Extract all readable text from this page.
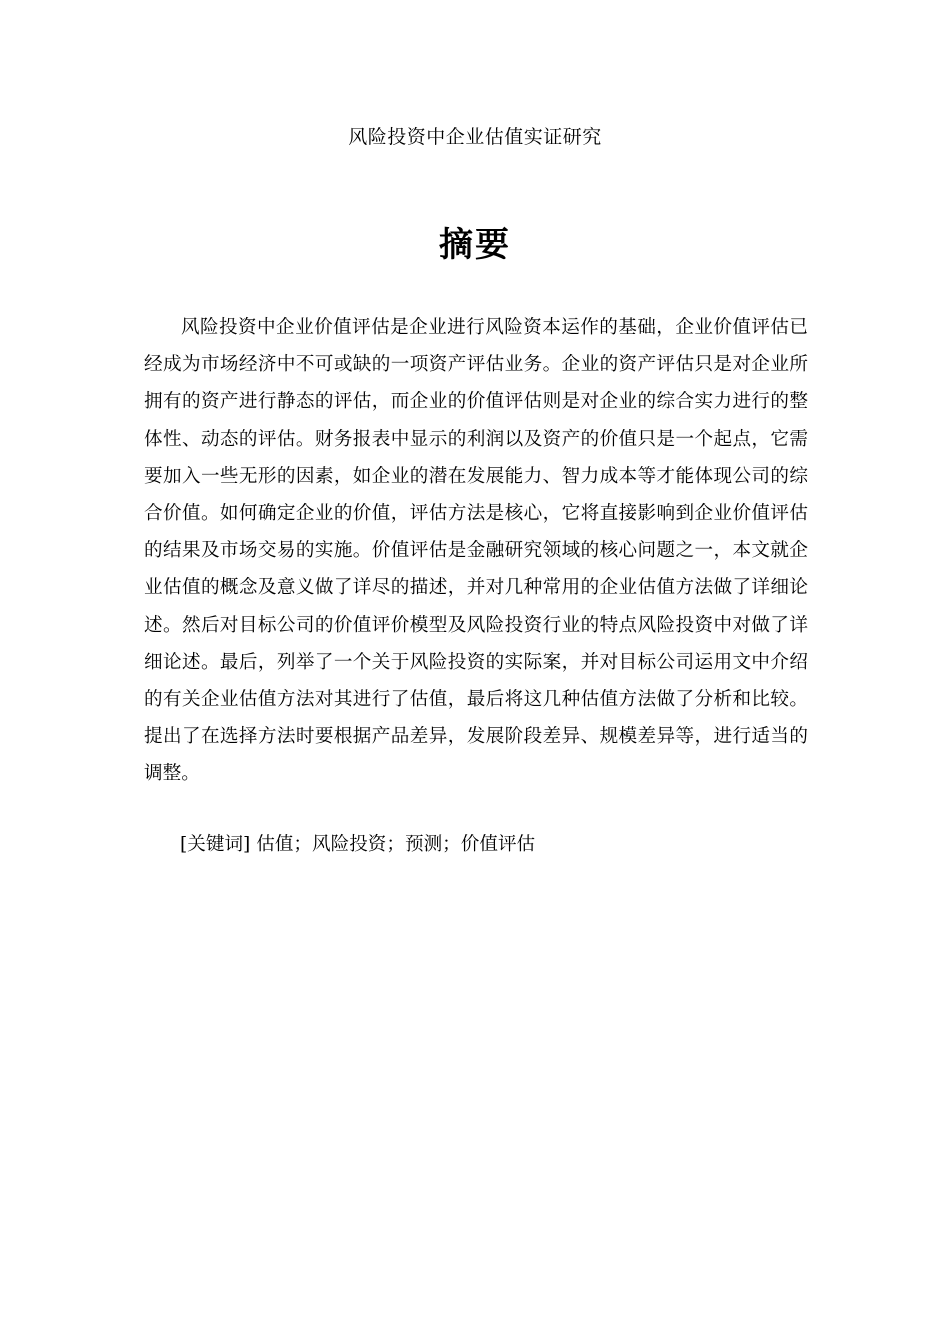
风险投资中企业估值实证研究
摘要

风险投资中企业价值评估是企业进行风险资本运作的基础，企业价值评估已经成为市场经济中不可或缺的一项资产评估业务。企业的资产评估只是对企业所拥有的资产进行静态的评估，而企业的价值评估则是对企业的综合实力进行的整体性、动态的评估。财务报表中显示的利润以及资产的价值只是一个起点，它需要加入一些无形的因素，如企业的潜在发展能力、智力成本等才能体现公司的综合价值。如何确定企业的价值，评估方法是核心，它将直接影响到企业价值评估的结果及市场交易的实施。价值评估是金融研究领域的核心问题之一，本文就企业估值的概念及意义做了详尽的描述，并对几种常用的企业估值方法做了详细论述。然后对目标公司的价值评价模型及风险投资行业的特点风险投资中对做了详细论述。最后，列举了一个关于风险投资的实际案，并对目标公司运用文中介绍的有关企业估值方法对其进行了估值，最后将这几种估值方法做了分析和比较。提出了在选择方法时要根据产品差异，发展阶段差异、规模差异等，进行适当的调整。

[关键词] 估值；风险投资；预测；价值评估
